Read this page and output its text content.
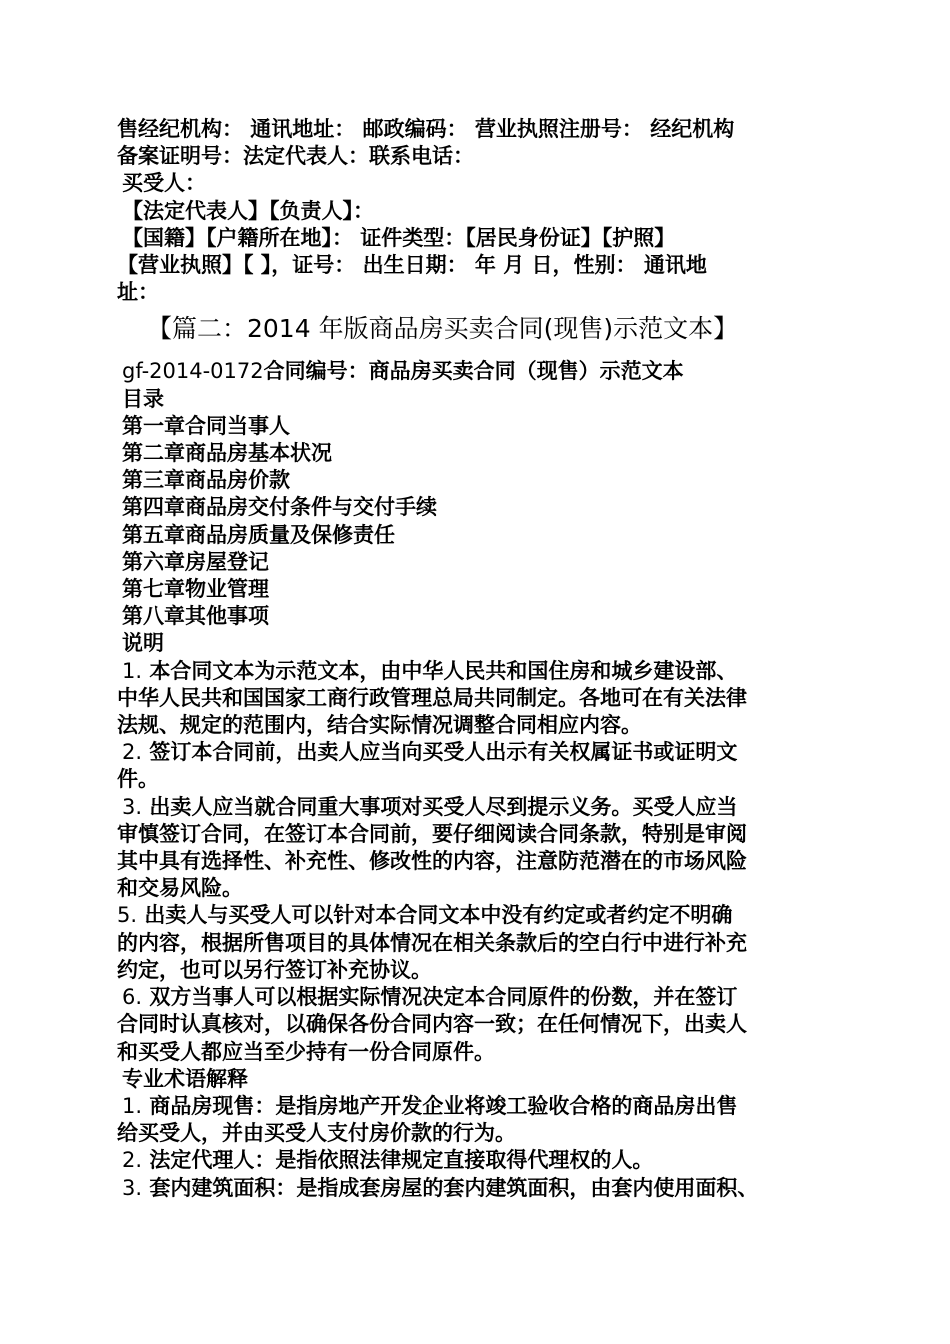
售经纪机构： 通讯地址： 邮政编码： 营业执照注册号： 经纪机构

备案证明号：法定代表人：联系电话：

买受人：

【法定代表人】【负责人】：

【国籍】【户籍所在地】： 证件类型：【居民身份证】【护照】

【营业执照】【 】，证号： 出生日期： 年 月 日，性别： 通讯地

址：

【篇二：2014 年版商品房买卖合同(现售)示范文本】

gf-2014-0172合同编号：商品房买卖合同（现售）示范文本

目录

第一章合同当事人

第二章商品房基本状况

第三章商品房价款

第四章商品房交付条件与交付手续

第五章商品房质量及保修责任

第六章房屋登记

第七章物业管理

第八章其他事项

说明

1. 本合同文本为示范文本，由中华人民共和国住房和城乡建设部、

中华人民共和国国家工商行政管理总局共同制定。各地可在有关法律

法规、规定的范围内，结合实际情况调整合同相应内容。

2. 签订本合同前，出卖人应当向买受人出示有关权属证书或证明文

件。

3. 出卖人应当就合同重大事项对买受人尽到提示义务。买受人应当

审慎签订合同，在签订本合同前，要仔细阅读合同条款，特别是审阅

其中具有选择性、补充性、修改性的内容，注意防范潜在的市场风险

和交易风险。

5. 出卖人与买受人可以针对本合同文本中没有约定或者约定不明确

的内容，根据所售项目的具体情况在相关条款后的空白行中进行补充

约定，也可以另行签订补充协议。

6. 双方当事人可以根据实际情况决定本合同原件的份数，并在签订

合同时认真核对，以确保各份合同内容一致；在任何情况下，出卖人

和买受人都应当至少持有一份合同原件。

专业术语解释

1. 商品房现售：是指房地产开发企业将竣工验收合格的商品房出售

给买受人，并由买受人支付房价款的行为。

2. 法定代理人：是指依照法律规定直接取得代理权的人。

3. 套内建筑面积：是指成套房屋的套内建筑面积，由套内使用面积、
